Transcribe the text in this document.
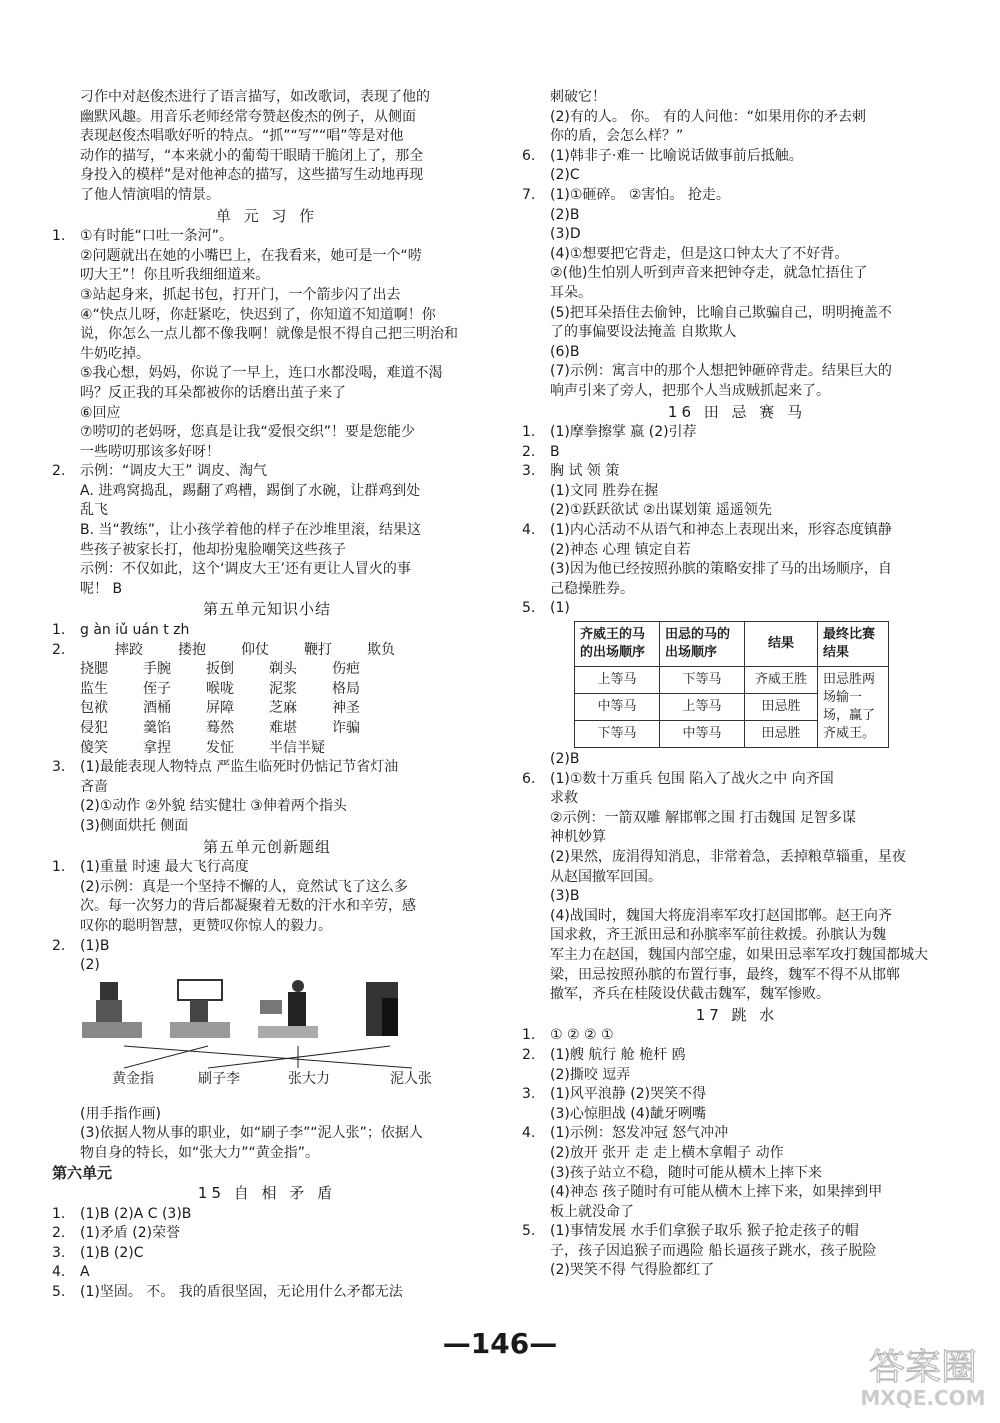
刁作中对赵俊杰进行了语言描写，如改歌词，表现了他的
幽默风趣。用音乐老师经常夸赞赵俊杰的例子，从侧面
表现赵俊杰唱歌好听的特点。“抓”“写”“唱”等是对他
动作的描写，“本来就小的葡萄干眼睛干脆闭上了，那全
身投入的模样”是对他神态的描写，这些描写生动地再现
了他人情演唱的情景。
单 元 习 作
1. ①有时能“口吐一条河”。
②问题就出在她的小嘴巴上，在我看来，她可是一个“唠
叨大王”！你且听我细细道来。
③站起身来，抓起书包，打开门，一个箭步闪了出去
④“快点儿呀，你赶紧吃，快迟到了，你知道不知道啊！你
说，你怎么一点儿都不像我啊！就像是恨不得自己把三明治和
牛奶吃掉。
⑤我心想，妈妈，你说了一早上，连口水都没喝，难道不渴
吗？反正我的耳朵都被你的话磨出茧子来了
⑥回应
⑦唠叨的老妈呀，您真是让我“爱恨交织”！要是您能少
一些唠叨那该多好呀！
2. 示例：“调皮大王” 调皮、淘气
A. 进鸡窝捣乱，踢翻了鸡槽，踢倒了水碗，让群鸡到处
乱飞
B. 当“教练”，让小孩学着他的样子在沙堆里滚，结果这
些孩子被家长打，他却扮鬼脸嘲笑这些孩子
示例：不仅如此，这个‘调皮大王’还有更让人冒火的事
呢！ B
第五单元知识小结
1. g àn iǔ uán t zh
2.	摔跤	搂抱	仰仗	鞭打	欺负
挠腮	手腕	扳倒	剃头	伤疤
监生	侄子	喉咙	泥浆	格局
包袱	酒桶	屏障	芝麻	神圣
侵犯	羹馅	蓦然	难堪	诈骗
傻笑	拿捏	发怔	半信半疑
3. (1)最能表现人物特点 严监生临死时仍惦记节省灯油
吝啬
(2)①动作 ②外貌 结实健壮 ③伸着两个指头
(3)侧面烘托 侧面
第五单元创新题组
1. (1)重量 时速 最大飞行高度
(2)示例：真是一个坚持不懈的人，竟然试飞了这么多
次。每一次努力的背后都凝聚着无数的汗水和辛劳，感
叹你的聪明智慧，更赞叹你惊人的毅力。
2. (1)B
(2)
黄金指	刷子李	张大力	泥人张
(用手指作画)
(3)依据人物从事的职业，如“刷子李”“泥人张”；依据人
物自身的特长，如“张大力”“黄金指”。
第六单元
15 自 相 矛 盾
1. (1)B (2)A C (3)B
2. (1)矛盾 (2)荣誉
3. (1)B (2)C
4. A
5. (1)坚固。 不。 我的盾很坚固，无论用什么矛都无法
刺破它！
(2)有的人。 你。 有的人问他：“如果用你的矛去刺
你的盾，会怎么样？”
6. (1)韩非子·难一 比喻说话做事前后抵触。
(2)C
7. (1)①砸碎。 ②害怕。 抢走。
(2)B
(3)D
(4)①想要把它背走，但是这口钟太大了不好背。
②(他)生怕别人听到声音来把钟夺走，就急忙捂住了
耳朵。
(5)把耳朵捂住去偷钟，比喻自己欺骗自己，明明掩盖不
了的事偏要设法掩盖 自欺欺人
(6)B
(7)示例：寓言中的那个人想把钟砸碎背走。结果巨大的
响声引来了旁人，把那个人当成贼抓起来了。
16 田 忌 赛 马
1. (1)摩拳擦掌 嬴 (2)引荐
2. B
3. 胸 试 领 策
(1)文同 胜券在握
(2)①跃跃欲试 ②出谋划策 遥遥领先
4. (1)内心活动不从语气和神态上表现出来，形容态度镇静
(2)神态 心理 镇定自若
(3)因为他已经按照孙膑的策略安排了马的出场顺序，自
己稳操胜券。
5. (1)
齐威王的马的出场顺序	田忌的马的出场顺序	结果	最终比赛结果
上等马	下等马	齐威王胜	田忌胜两场输一场，赢了齐威王。
中等马	上等马	田忌胜	
下等马	中等马	田忌胜	
(2)B
6. (1)①数十万重兵 包围 陷入了战火之中 向齐国
求救
②示例：一箭双雕 解邯郸之围 打击魏国 足智多谋
神机妙算
(2)果然，庞涓得知消息，非常着急，丢掉粮草辎重，星夜
从赵国撤军回国。
(3)B
(4)战国时，魏国大将庞涓率军攻打赵国邯郸。赵王向齐
国求救，齐王派田忌和孙膑率军前往救援。孙膑认为魏
军主力在赵国，魏国内部空虚，如果田忌率军攻打魏国都城大
梁，田忌按照孙膑的布置行事，最终，魏军不得不从邯郸
撤军，齐兵在桂陵设伏截击魏军，魏军惨败。
17 跳 水
1. ① ② ② ①
2. (1)艘 航行 舱 桅杆 鸥
(2)撕咬 逗弄
3. (1)风平浪静 (2)哭笑不得
(3)心惊胆战 (4)龇牙咧嘴
4. (1)示例：怒发冲冠 怒气冲冲
(2)放开 张开 走 走上横木拿帽子 动作
(3)孩子站立不稳，随时可能从横木上摔下来
(4)神态 孩子随时有可能从横木上摔下来，如果摔到甲
板上就没命了
5. (1)事情发展 水手们拿猴子取乐 猴子抢走孩子的帽
子，孩子因追猴子而遇险 船长逼孩子跳水，孩子脱险
(2)哭笑不得 气得脸都红了
—146—
答案圈
MXQE.COM
